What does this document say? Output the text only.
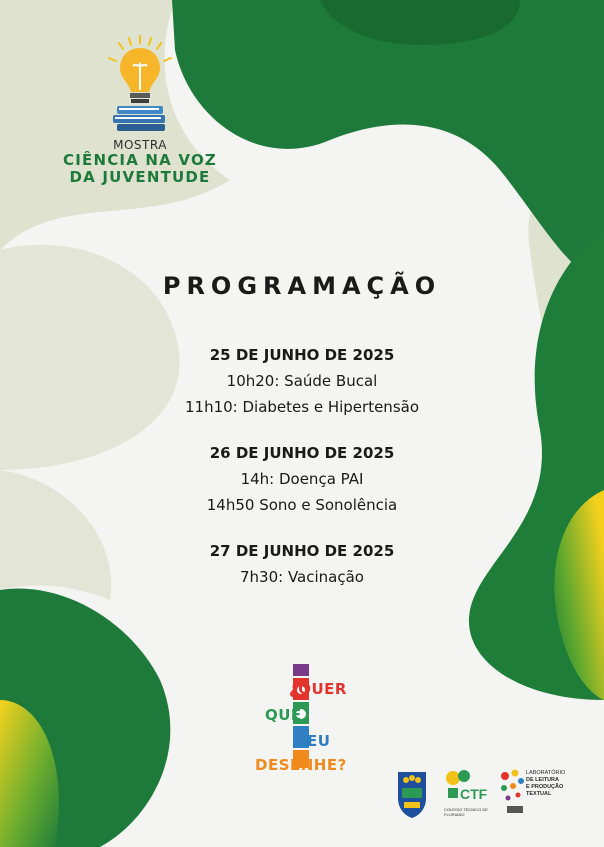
MOSTRA
CIÊNCIA NA VOZ
DA JUVENTUDE
PROGRAMAÇÃO
25 DE JUNHO DE 2025
10h20: Saúde Bucal
11h10: Diabetes e Hipertensão
26 DE JUNHO DE 2025
14h: Doença PAI
14h50 Sono e Sonolência
27 DE JUNHO DE 2025
7h30: Vacinação
¿QUER
QUE
EU
DESENHE?
CTF
COLÉGIO TÉCNICO DE FLORIANO
LABORATÓRIO
DE LEITURA
E PRODUÇÃO
TEXTUAL
